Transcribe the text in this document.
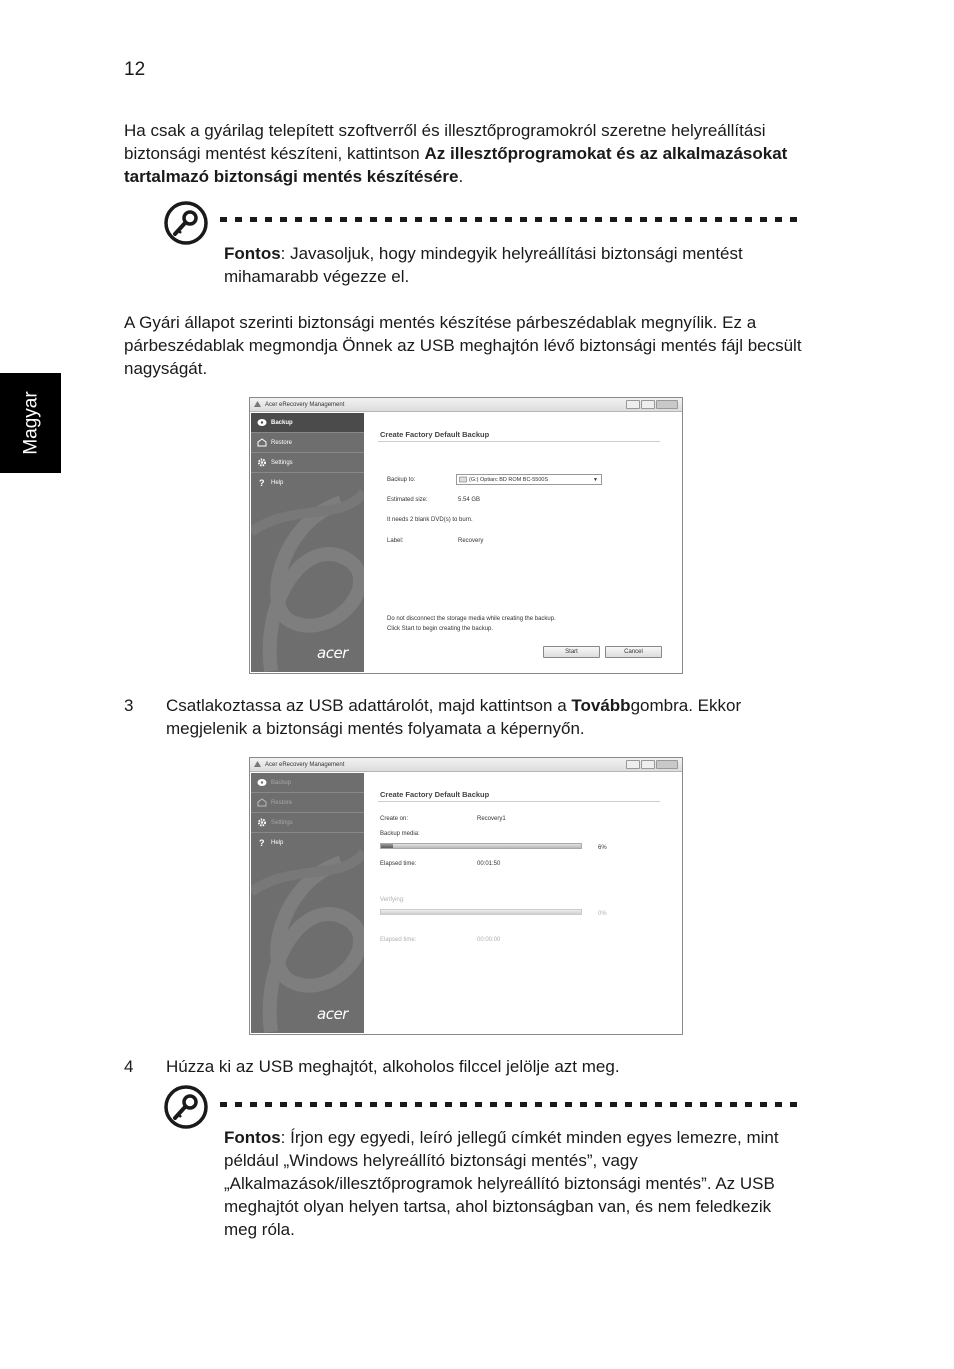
12
Magyar

Ha csak a gyárilag telepített szoftverről és illesztőprogramokról szeretne helyreállítási biztonsági mentést készíteni, kattintson Az illesztőprogramokat és az alkalmazásokat tartalmazó biztonsági mentés készítésére.

Fontos: Javasoljuk, hogy mindegyik helyreállítási biztonsági mentést mihamarabb végezze el.

A Gyári állapot szerinti biztonsági mentés készítése párbeszédablak megnyílik. Ez a párbeszédablak megmondja Önnek az USB meghajtón lévő biztonsági mentés fájl becsült nagyságát.

Acer eRecovery Management
Backup
Restore
Settings
? Help
acer
Create Factory Default Backup
Backup to:	(G:) Optiarc BD ROM BC-5500S	▼
Estimated size:	5.54 GB
It needs 2 blank DVD(s) to burn.
Label:	Recovery
Do not disconnect the storage media while creating the backup.
Click Start to begin creating the backup.
Start	Cancel
3 Csatlakoztassa az USB adattárolót, majd kattintson a Továbbgombra. Ekkor megjelenik a biztonsági mentés folyamata a képernyőn.

Acer eRecovery Management
Backup
Restore
Settings
? Help
acer
Create Factory Default Backup
Create on:	Recovery1
Backup media:
6%
Elapsed time:	00:01:50
Verifying:
0%
Elapsed time:	00:00:00
4 Húzza ki az USB meghajtót, alkoholos filccel jelölje azt meg.

Fontos: Írjon egy egyedi, leíró jellegű címkét minden egyes lemezre, mint például „Windows helyreállító biztonsági mentés”, vagy „Alkalmazások/illesztőprogramok helyreállító biztonsági mentés”. Az USB meghajtót olyan helyen tartsa, ahol biztonságban van, és nem feledkezik meg róla.
